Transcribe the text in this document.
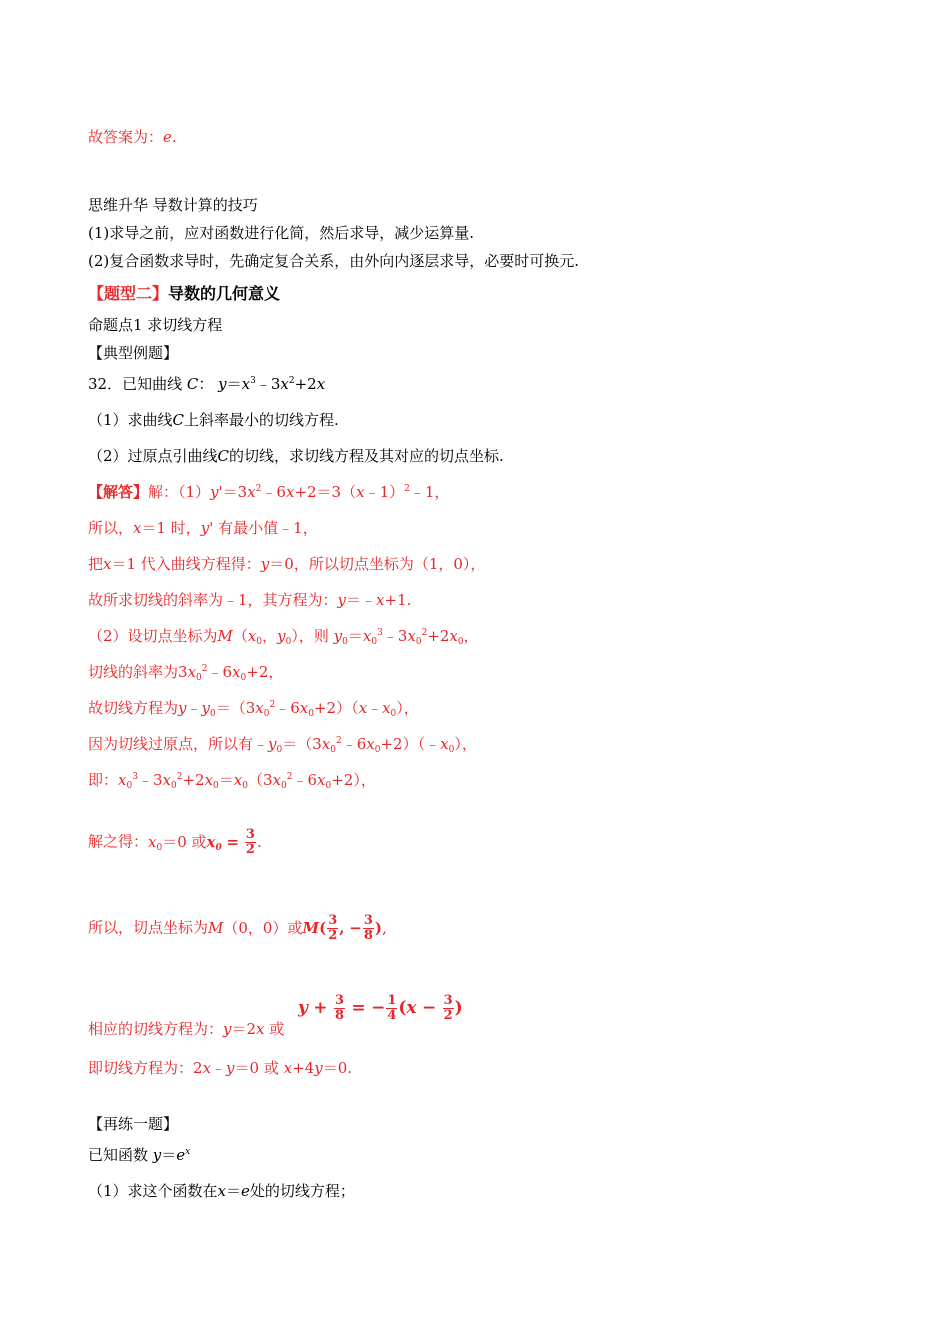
故答案为：e.
思维升华 导数计算的技巧
(1)求导之前，应对函数进行化简，然后求导，减少运算量.
(2)复合函数求导时，先确定复合关系，由外向内逐层求导，必要时可换元.
【题型二】导数的几何意义
命题点1 求切线方程
【典型例题】
32．已知曲线 C： $y=x^3﹣3x^2+2x$
（1）求曲线C上斜率最小的切线方程.
（2）过原点引曲线C的切线，求切线方程及其对应的切点坐标.
【解答】解：$(1)y'=3x^2﹣6x+2=3(x﹣1)^2﹣1$，
所以，x＝1 时，y' 有最小值﹣1，
把x＝1 代入曲线方程得：y＝0，所以切点坐标为（1，0），
故所求切线的斜率为﹣1，其方程为：y＝﹣x+1.
（2）设切点坐标为$M(x_0$，$y_0$），则 $y_0=x_0^3﹣3x_0^2+2x_0$，
切线的斜率为$3x_0^2﹣6x_0+2$，
故切线方程为$y﹣y_0=(3x_0^2﹣6x_0+2)(x﹣x_0)$，
因为切线过原点，所以有$﹣y_0=(3x_0^2﹣6x_0+2)(﹣x_0)$，
即：$x_0^3﹣3x_0^2+2x_0=x_0(3x_0^2﹣6x_0+2)$，
解之得：$x_0=0$ 或$x_0 = \frac{3}{2}$ .
所以，切点坐标为M（0，0）或$M( \frac{3}{2}$ , − $\frac{3}{8}$ ),
$y + \frac{3}{8}$ = − $\frac{1}{4} (x - \frac{3}{2}$ )
相应的切线方程为：y＝2x 或
即切线方程为：2x﹣y＝0 或 x+4y＝0.
【再练一题】
已知函数 $y=e^x$
（1）求这个函数在x＝e处的切线方程；
